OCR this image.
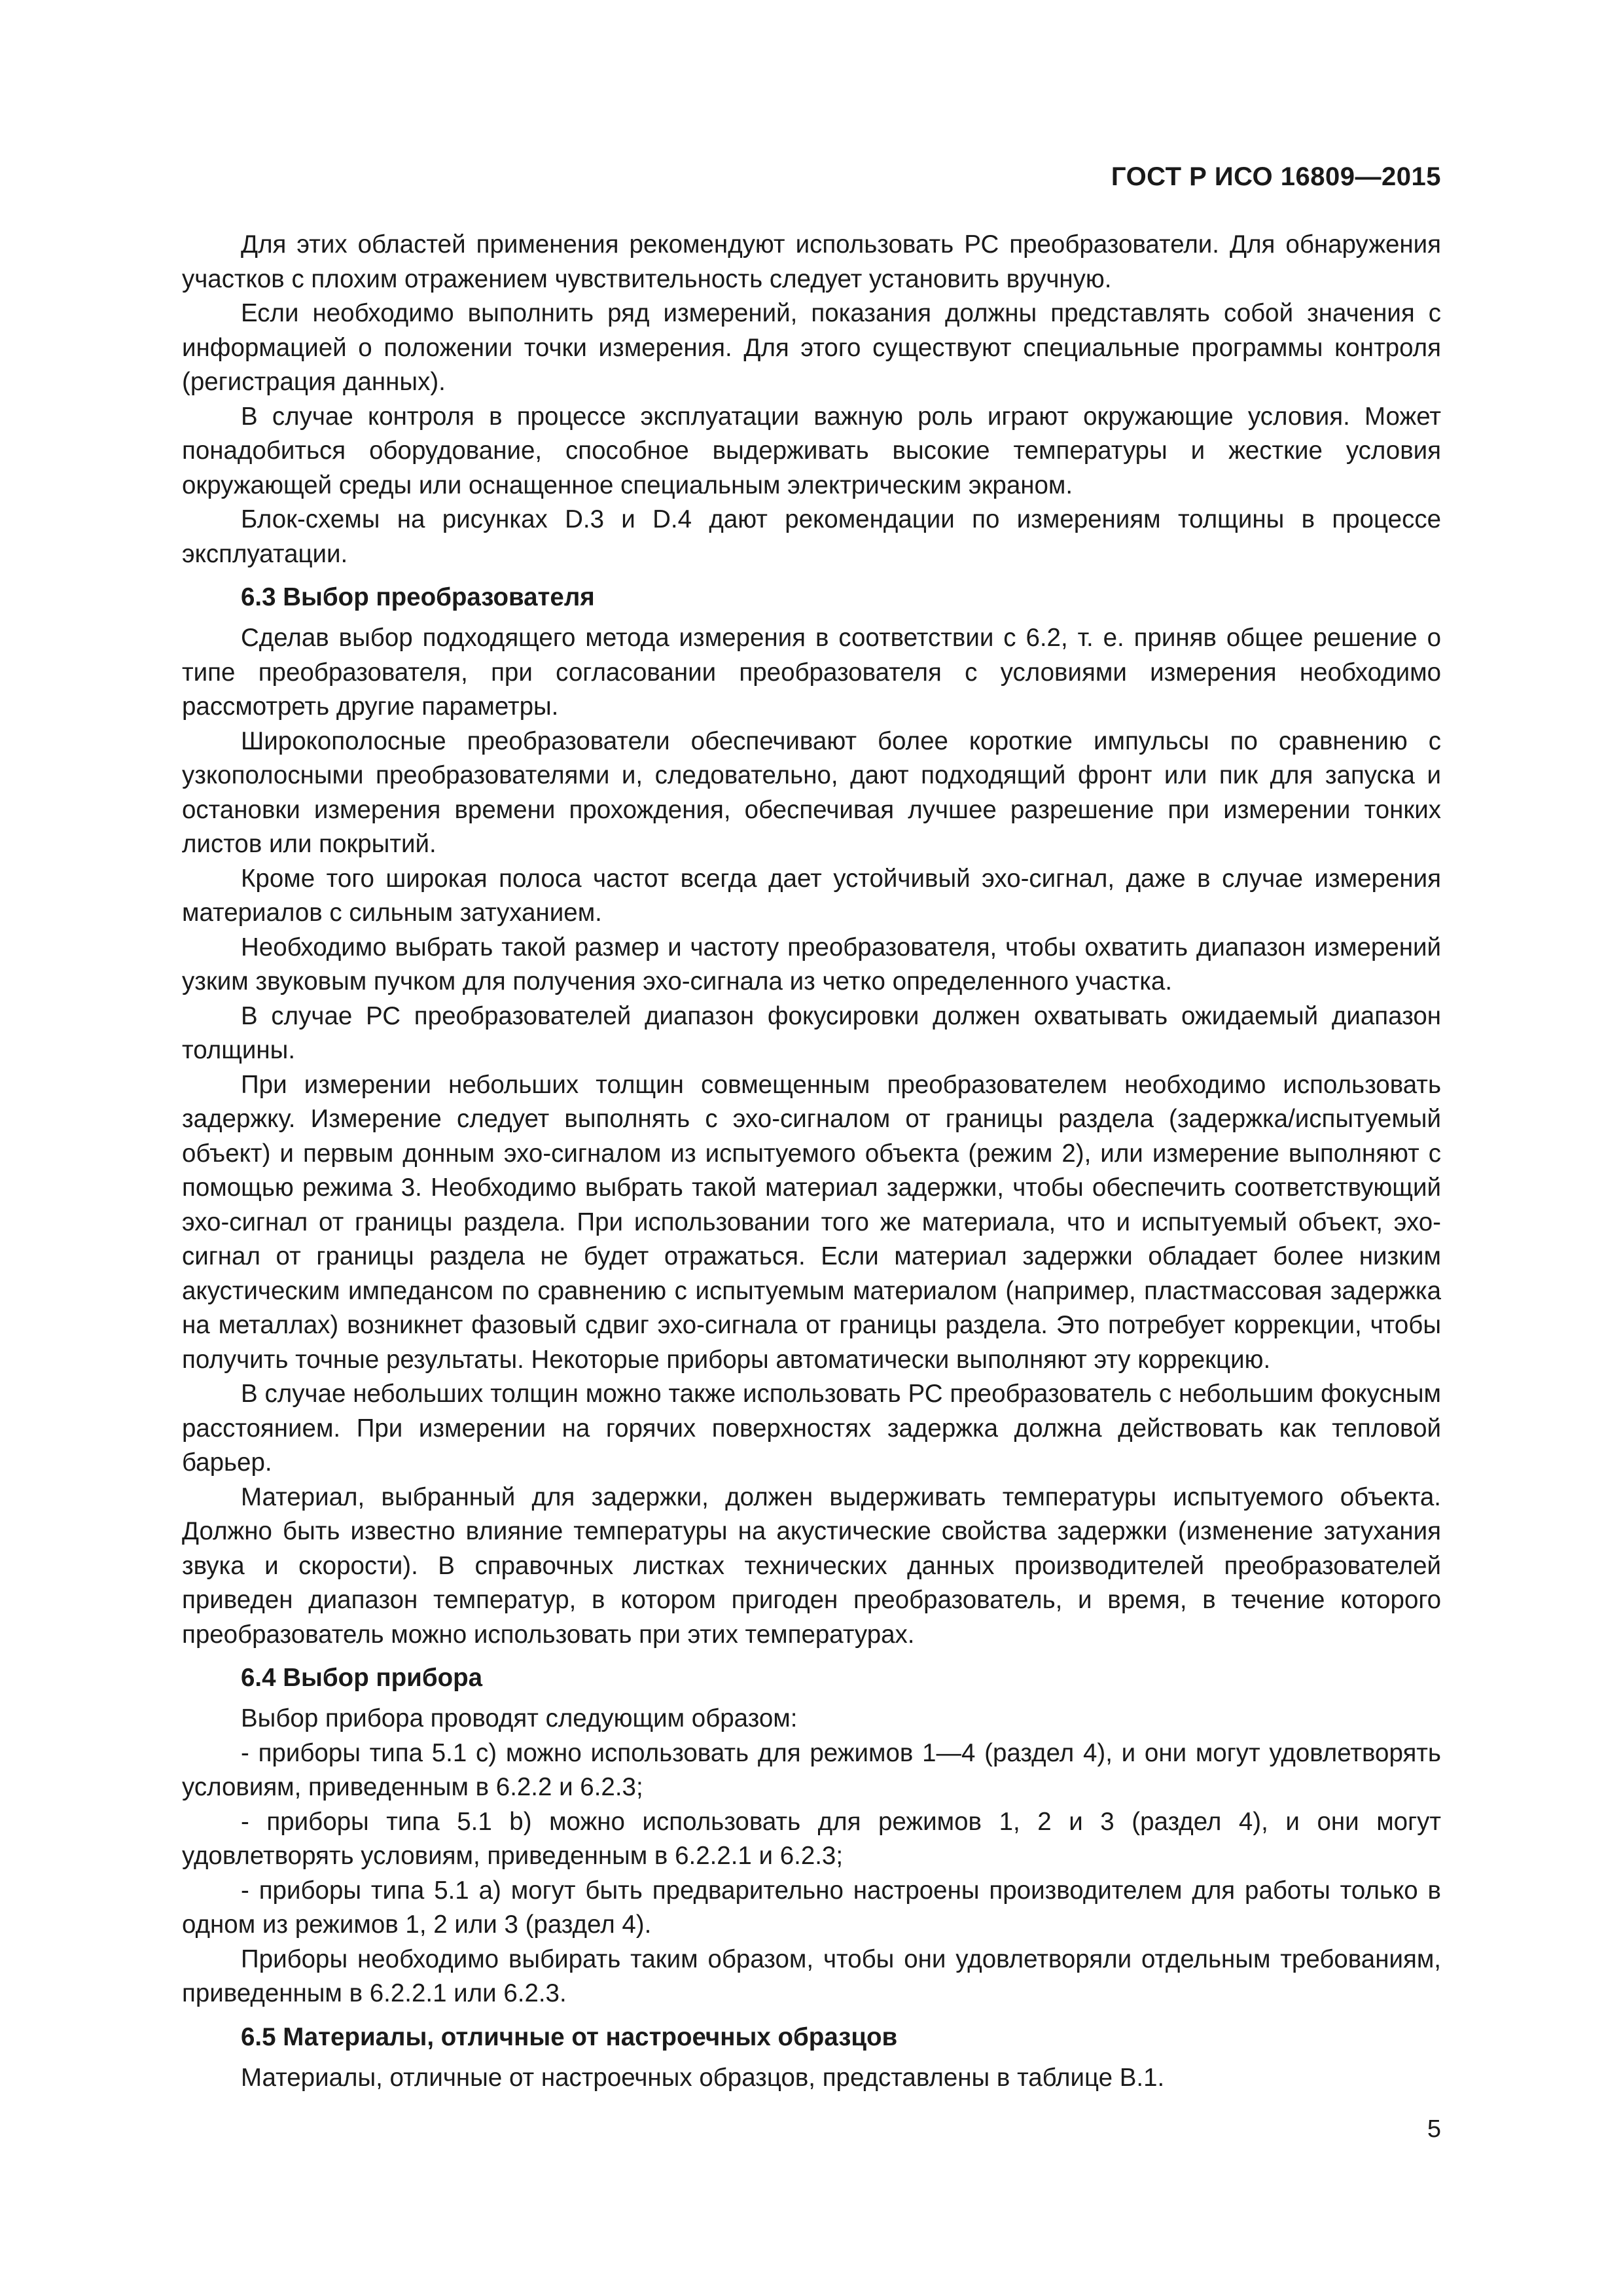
ГОСТ Р ИСО 16809—2015

Для этих областей применения рекомендуют использовать РС преобразователи. Для обнаружения участков с плохим отражением чувствительность следует установить вручную.

Если необходимо выполнить ряд измерений, показания должны представлять собой значения с информацией о положении точки измерения. Для этого существуют специальные программы контроля (регистрация данных).

В случае контроля в процессе эксплуатации важную роль играют окружающие условия. Может понадобиться оборудование, способное выдерживать высокие температуры и жесткие условия окружающей среды или оснащенное специальным электрическим экраном.

Блок-схемы на рисунках D.3 и D.4 дают рекомендации по измерениям толщины в процессе эксплуатации.

6.3 Выбор преобразователя

Сделав выбор подходящего метода измерения в соответствии с 6.2, т. е. приняв общее решение о типе преобразователя, при согласовании преобразователя с условиями измерения необходимо рассмотреть другие параметры.

Широкополосные преобразователи обеспечивают более короткие импульсы по сравнению с узкополосными преобразователями и, следовательно, дают подходящий фронт или пик для запуска и остановки измерения времени прохождения, обеспечивая лучшее разрешение при измерении тонких листов или покрытий.

Кроме того широкая полоса частот всегда дает устойчивый эхо-сигнал, даже в случае измерения материалов с сильным затуханием.

Необходимо выбрать такой размер и частоту преобразователя, чтобы охватить диапазон измерений узким звуковым пучком для получения эхо-сигнала из четко определенного участка.

В случае РС преобразователей диапазон фокусировки должен охватывать ожидаемый диапазон толщины.

При измерении небольших толщин совмещенным преобразователем необходимо использовать задержку. Измерение следует выполнять с эхо-сигналом от границы раздела (задержка/испытуемый объект) и первым донным эхо-сигналом из испытуемого объекта (режим 2), или измерение выполняют с помощью режима 3. Необходимо выбрать такой материал задержки, чтобы обеспечить соответствующий эхо-сигнал от границы раздела. При использовании того же материала, что и испытуемый объект, эхо-сигнал от границы раздела не будет отражаться. Если материал задержки обладает более низким акустическим импедансом по сравнению с испытуемым материалом (например, пластмассовая задержка на металлах) возникнет фазовый сдвиг эхо-сигнала от границы раздела. Это потребует коррекции, чтобы получить точные результаты. Некоторые приборы автоматически выполняют эту коррекцию.

В случае небольших толщин можно также использовать РС преобразователь с небольшим фокусным расстоянием. При измерении на горячих поверхностях задержка должна действовать как тепловой барьер.

Материал, выбранный для задержки, должен выдерживать температуры испытуемого объекта. Должно быть известно влияние температуры на акустические свойства задержки (изменение затухания звука и скорости). В справочных листках технических данных производителей преобразователей приведен диапазон температур, в котором пригоден преобразователь, и время, в течение которого преобразователь можно использовать при этих температурах.

6.4 Выбор прибора

Выбор прибора проводят следующим образом:

- приборы типа 5.1 с) можно использовать для режимов 1—4 (раздел 4), и они могут удовлетворять условиям, приведенным в 6.2.2 и 6.2.3;

- приборы типа 5.1 b) можно использовать для режимов 1, 2 и 3 (раздел 4), и они могут удовлетворять условиям, приведенным в 6.2.2.1 и 6.2.3;

- приборы типа 5.1 а) могут быть предварительно настроены производителем для работы только в одном из режимов 1, 2 или 3 (раздел 4).

Приборы необходимо выбирать таким образом, чтобы они удовлетворяли отдельным требованиям, приведенным в 6.2.2.1 или 6.2.3.

6.5 Материалы, отличные от настроечных образцов

Материалы, отличные от настроечных образцов, представлены в таблице В.1.

5
